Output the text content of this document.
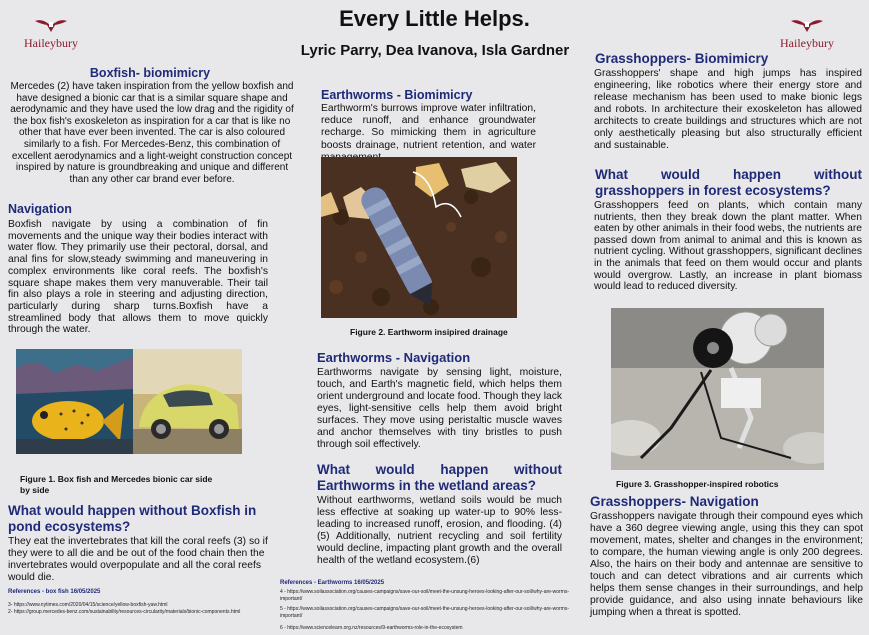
Every Little Helps.
Lyric Parry, Dea Ivanova, Isla Gardner
Haileybury	Haileybury
Boxfish- biomimicry
Mercedes (2) have taken inspiration from the yellow boxfish and have designed a bionic car that is a similar square shape and aerodynamic and they have used the low drag and the rigidity of the box fish's exoskeleton as inspiration for a car that is like no other that have ever been invented. The car is also coloured similarly to a fish. For Mercedes-Benz, this combination of excellent aerodynamics and a light-weight construction concept inspired by nature is groundbreaking and unique and different than any other car brand ever before.
Navigation
Boxfish navigate by using a combination of fin movements and the unique way their bodies interact with water flow. They primarily use their pectoral, dorsal, and anal fins for slow,steady swimming and maneuvering in complex environments like coral reefs. The boxfish's square shape makes them very manuverable. Their tail fin also plays a role in steering and adjusting direction, particularly during sharp turns.Boxfish have a streamlined body that allows them to move quickly through the water.
Figure 1. Box fish and Mercedes bionic car side by side
What would happen without Boxfish in pond ecosystems?
They eat the invertebrates that kill the coral reefs (3) so if they were to all die and be out of the food chain then the invertebrates would overpopulate and all the coral reefs would die.
References - box fish 16/05/2025
3- https://www.nytimes.com/2020/04/15/science/yellow-boxfish-yaw.html
2- https://group.mercedes-benz.com/sustainability/resources-circularity/materials/bionic-components.html
Earthworms - Biomimicry
Earthworm's burrows improve water infiltration, reduce runoff, and enhance groundwater recharge. So mimicking them in agriculture boosts drainage, nutrient retention, and water
Figure 2. Earthworm insipired drainage
Earthworms - Navigation
Earthworms navigate by sensing light, moisture, touch, and Earth's magnetic field, which helps them orient underground and locate food. Though they lack eyes, light-sensitive cells help them avoid bright surfaces. They move using peristaltic muscle waves and anchor themselves with tiny bristles to push through soil effectively.
What would happen without Earthworms in the wetland areas?
Without earthworms, wetland soils would be much less effective at soaking up water-up to 90% less-leading to increased runoff, erosion, and flooding. (4) (5) Additionally, nutrient recycling and soil fertility would decline, impacting plant growth and the overall health of the wetland ecosystem.(6)
References - Earthworms 16/05/2025
4 - https://www.soilassociation.org/causes-campaigns/save-our-soil/meet-the-unsung-heroes-looking-after-our-soil/why-are-worms-important/
5 - https://www.soilassociation.org/causes-campaigns/save-our-soil/meet-the-unsung-heroes-looking-after-our-soil/why-are-worms-important/
6 - https://www.sciencelearn.org.nz/resources/9-earthworms-role-in-the-ecosystem
Grasshoppers- Biomimicry
Grasshoppers' shape and high jumps has inspired engineering, like robotics where their energy store and release mechanism has been used to make bionic legs and robots. In architecture their exoskeleton has allowed architects to create buildings and structures which are not only aesthetically pleasing but also structurally efficient and sustainable.
What would happen without grasshoppers in forest ecosystems?
Grasshoppers feed on plants, which contain many nutrients, then they break down the plant matter. When eaten by other animals in their food webs, the nutrients are passed down from animal to animal and this is known as nutrient cycling. Without grasshoppers, significant declines in the animals that feed on them would occur and plants would overgrow. Lastly, an increase in plant biomass would lead to reduced diversity.
Figure 3. Grasshopper-inspired robotics
Grasshoppers- Navigation
Grasshoppers navigate through their compound eyes which have a 360 degree viewing angle, using this they can spot movement, mates, shelter and changes in the environment; to compare, the human viewing angle is only 200 degrees. Also, the hairs on their body and antennae are sensitive to touch and can detect vibrations and air currents which helps them sense changes in their surroundings, and help provide guidance, and also using innate behaviours like jumping when a threat is spotted.
